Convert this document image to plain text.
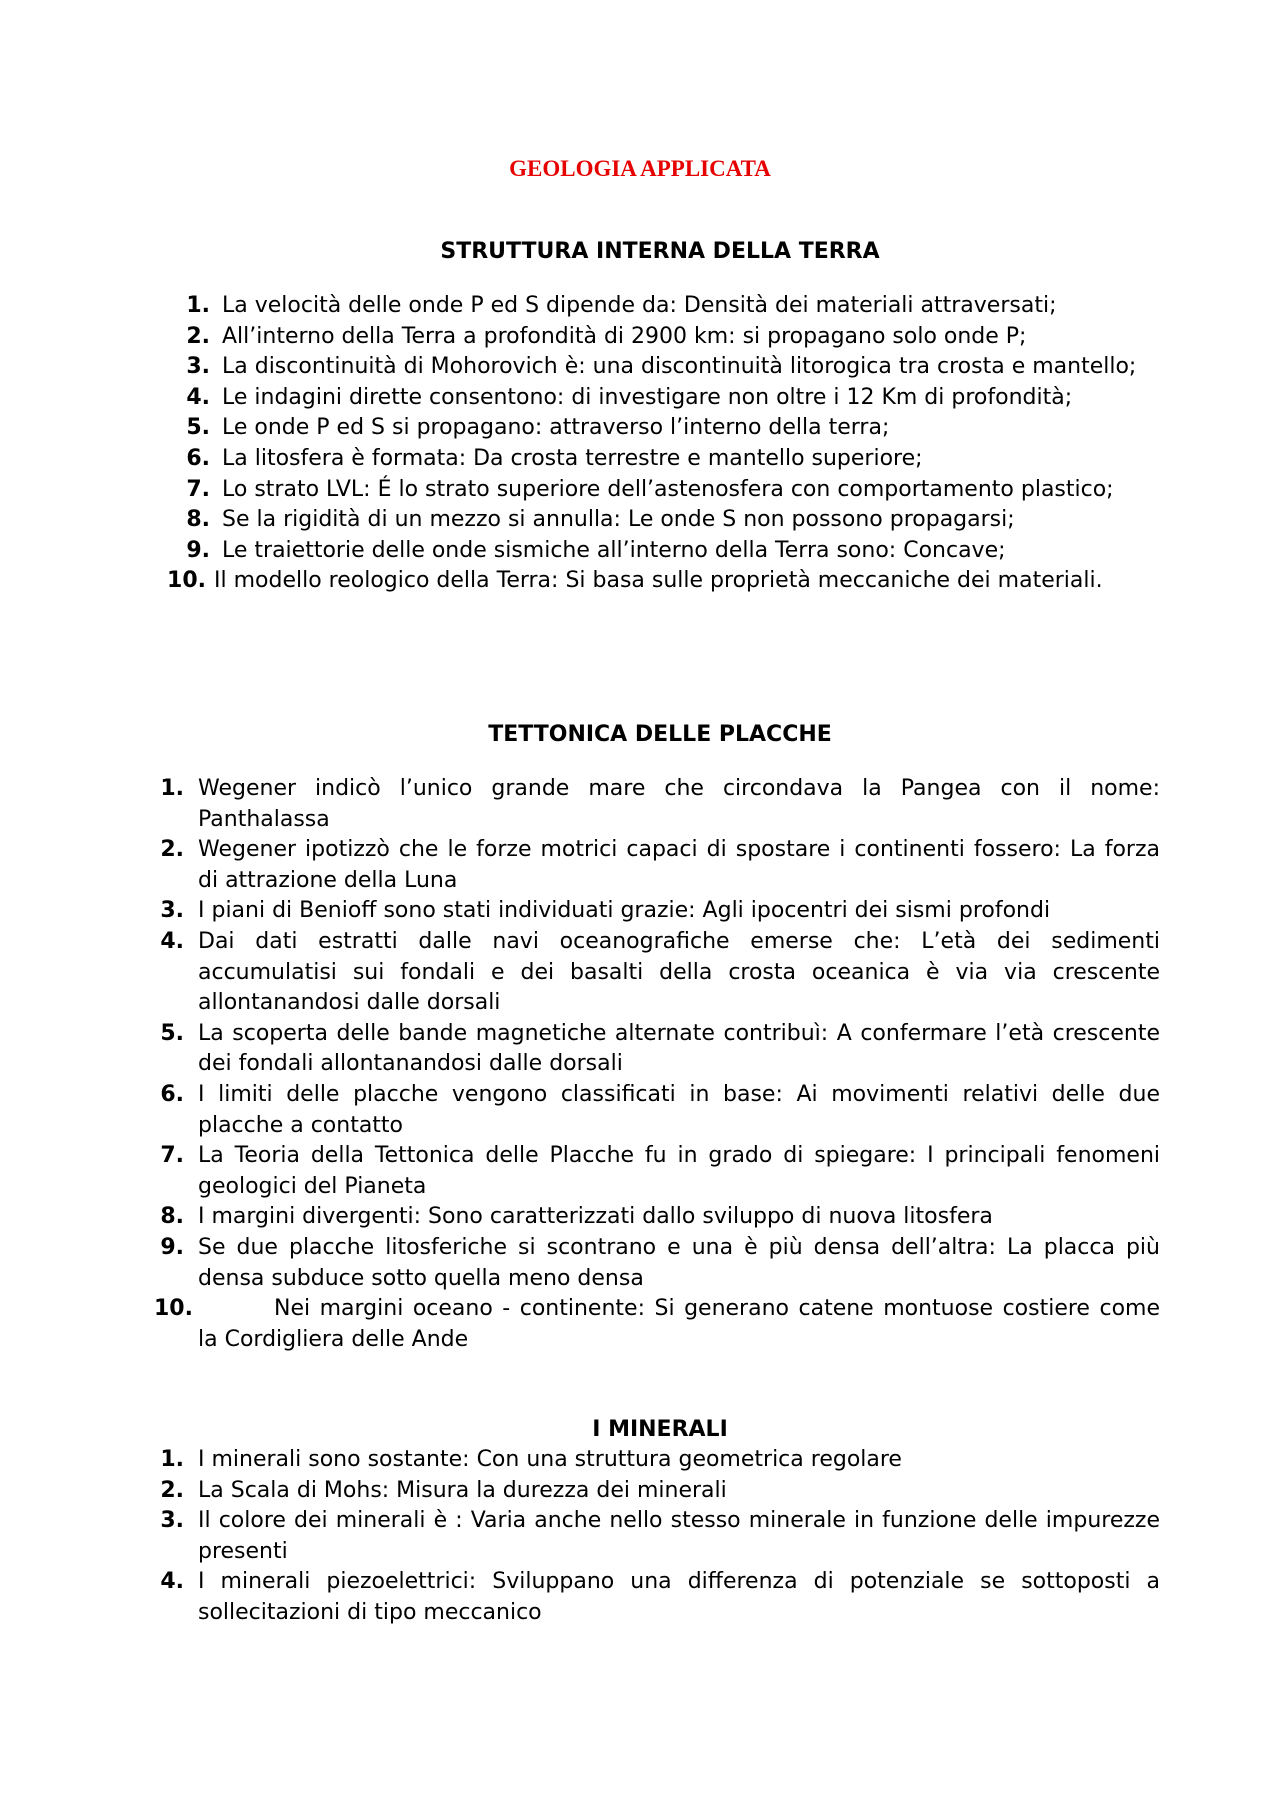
GEOLOGIA APPLICATA
STRUTTURA INTERNA DELLA TERRA
1. La velocità delle onde P ed S dipende da: Densità dei materiali attraversati;
2. All’interno della Terra a profondità di 2900 km: si propagano solo onde P;
3. La discontinuità di Mohorovich è: una discontinuità litorogica tra crosta e mantello;
4. Le indagini dirette consentono: di investigare non oltre i 12 Km di profondità;
5. Le onde P ed S si propagano: attraverso l’interno della terra;
6. La litosfera è formata: Da crosta terrestre e mantello superiore;
7. Lo strato LVL: É lo strato superiore dell’astenosfera con comportamento plastico;
8. Se la rigidità di un mezzo si annulla: Le onde S non possono propagarsi;
9. Le traiettorie delle onde sismiche all’interno della Terra sono: Concave;
10. Il modello reologico della Terra: Si basa sulle proprietà meccaniche dei materiali.
TETTONICA DELLE PLACCHE
1. Wegener indicò l’unico grande mare che circondava la Pangea con il nome: Panthalassa
2. Wegener ipotizzò che le forze motrici capaci di spostare i continenti fossero: La forza di attrazione della Luna
3. I piani di Benioff sono stati individuati grazie: Agli ipocentri dei sismi profondi
4. Dai dati estratti dalle navi oceanografiche emerse che: L’età dei sedimenti accumulatisi sui fondali e dei basalti della crosta oceanica è via via crescente allontanandosi dalle dorsali
5. La scoperta delle bande magnetiche alternate contribuì: A confermare l’età crescente dei fondali allontanandosi dalle dorsali
6. I limiti delle placche vengono classificati in base: Ai movimenti relativi delle due placche a contatto
7. La Teoria della Tettonica delle Placche fu in grado di spiegare: I principali fenomeni geologici del Pianeta
8. I margini divergenti: Sono caratterizzati dallo sviluppo di nuova litosfera
9. Se due placche litosferiche si scontrano e una è più densa dell’altra: La placca più densa subduce sotto quella meno densa
10.	Nei margini oceano - continente: Si generano catene montuose costiere come la Cordigliera delle Ande
I MINERALI
1. I minerali sono sostante: Con una struttura geometrica regolare
2. La Scala di Mohs: Misura la durezza dei minerali
3. Il colore dei minerali è : Varia anche nello stesso minerale in funzione delle impurezze presenti
4. I minerali piezoelettrici: Sviluppano una differenza di potenziale se sottoposti a sollecitazioni di tipo meccanico
